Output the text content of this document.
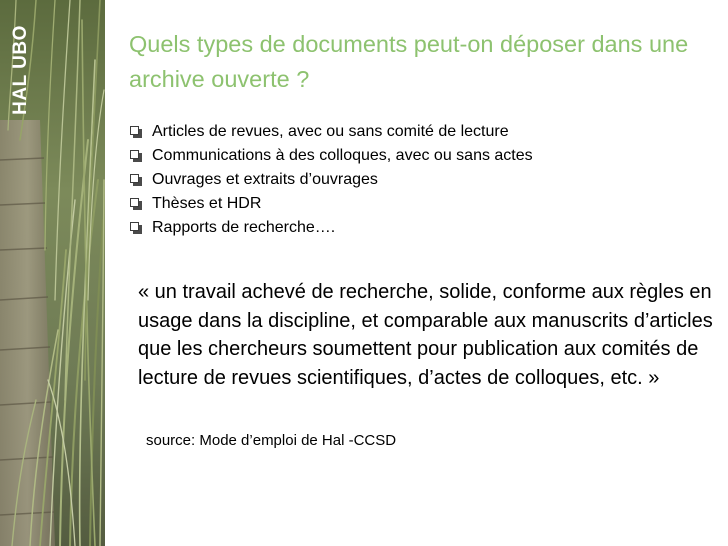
HAL UBO	Quels types de documents peut-on déposer dans une archive ouverte ?
Articles de revues, avec ou sans comité de lecture
Communications à des colloques, avec ou sans actes
Ouvrages et extraits d’ouvrages
Thèses et HDR
Rapports de recherche….

« un travail achevé de recherche, solide, conforme aux règles en usage dans la discipline, et comparable aux manuscrits d’articles que les chercheurs soumettent pour publication aux comités de lecture de revues scientifiques, d’actes de colloques, etc. »

source: Mode d’emploi de Hal -CCSD
